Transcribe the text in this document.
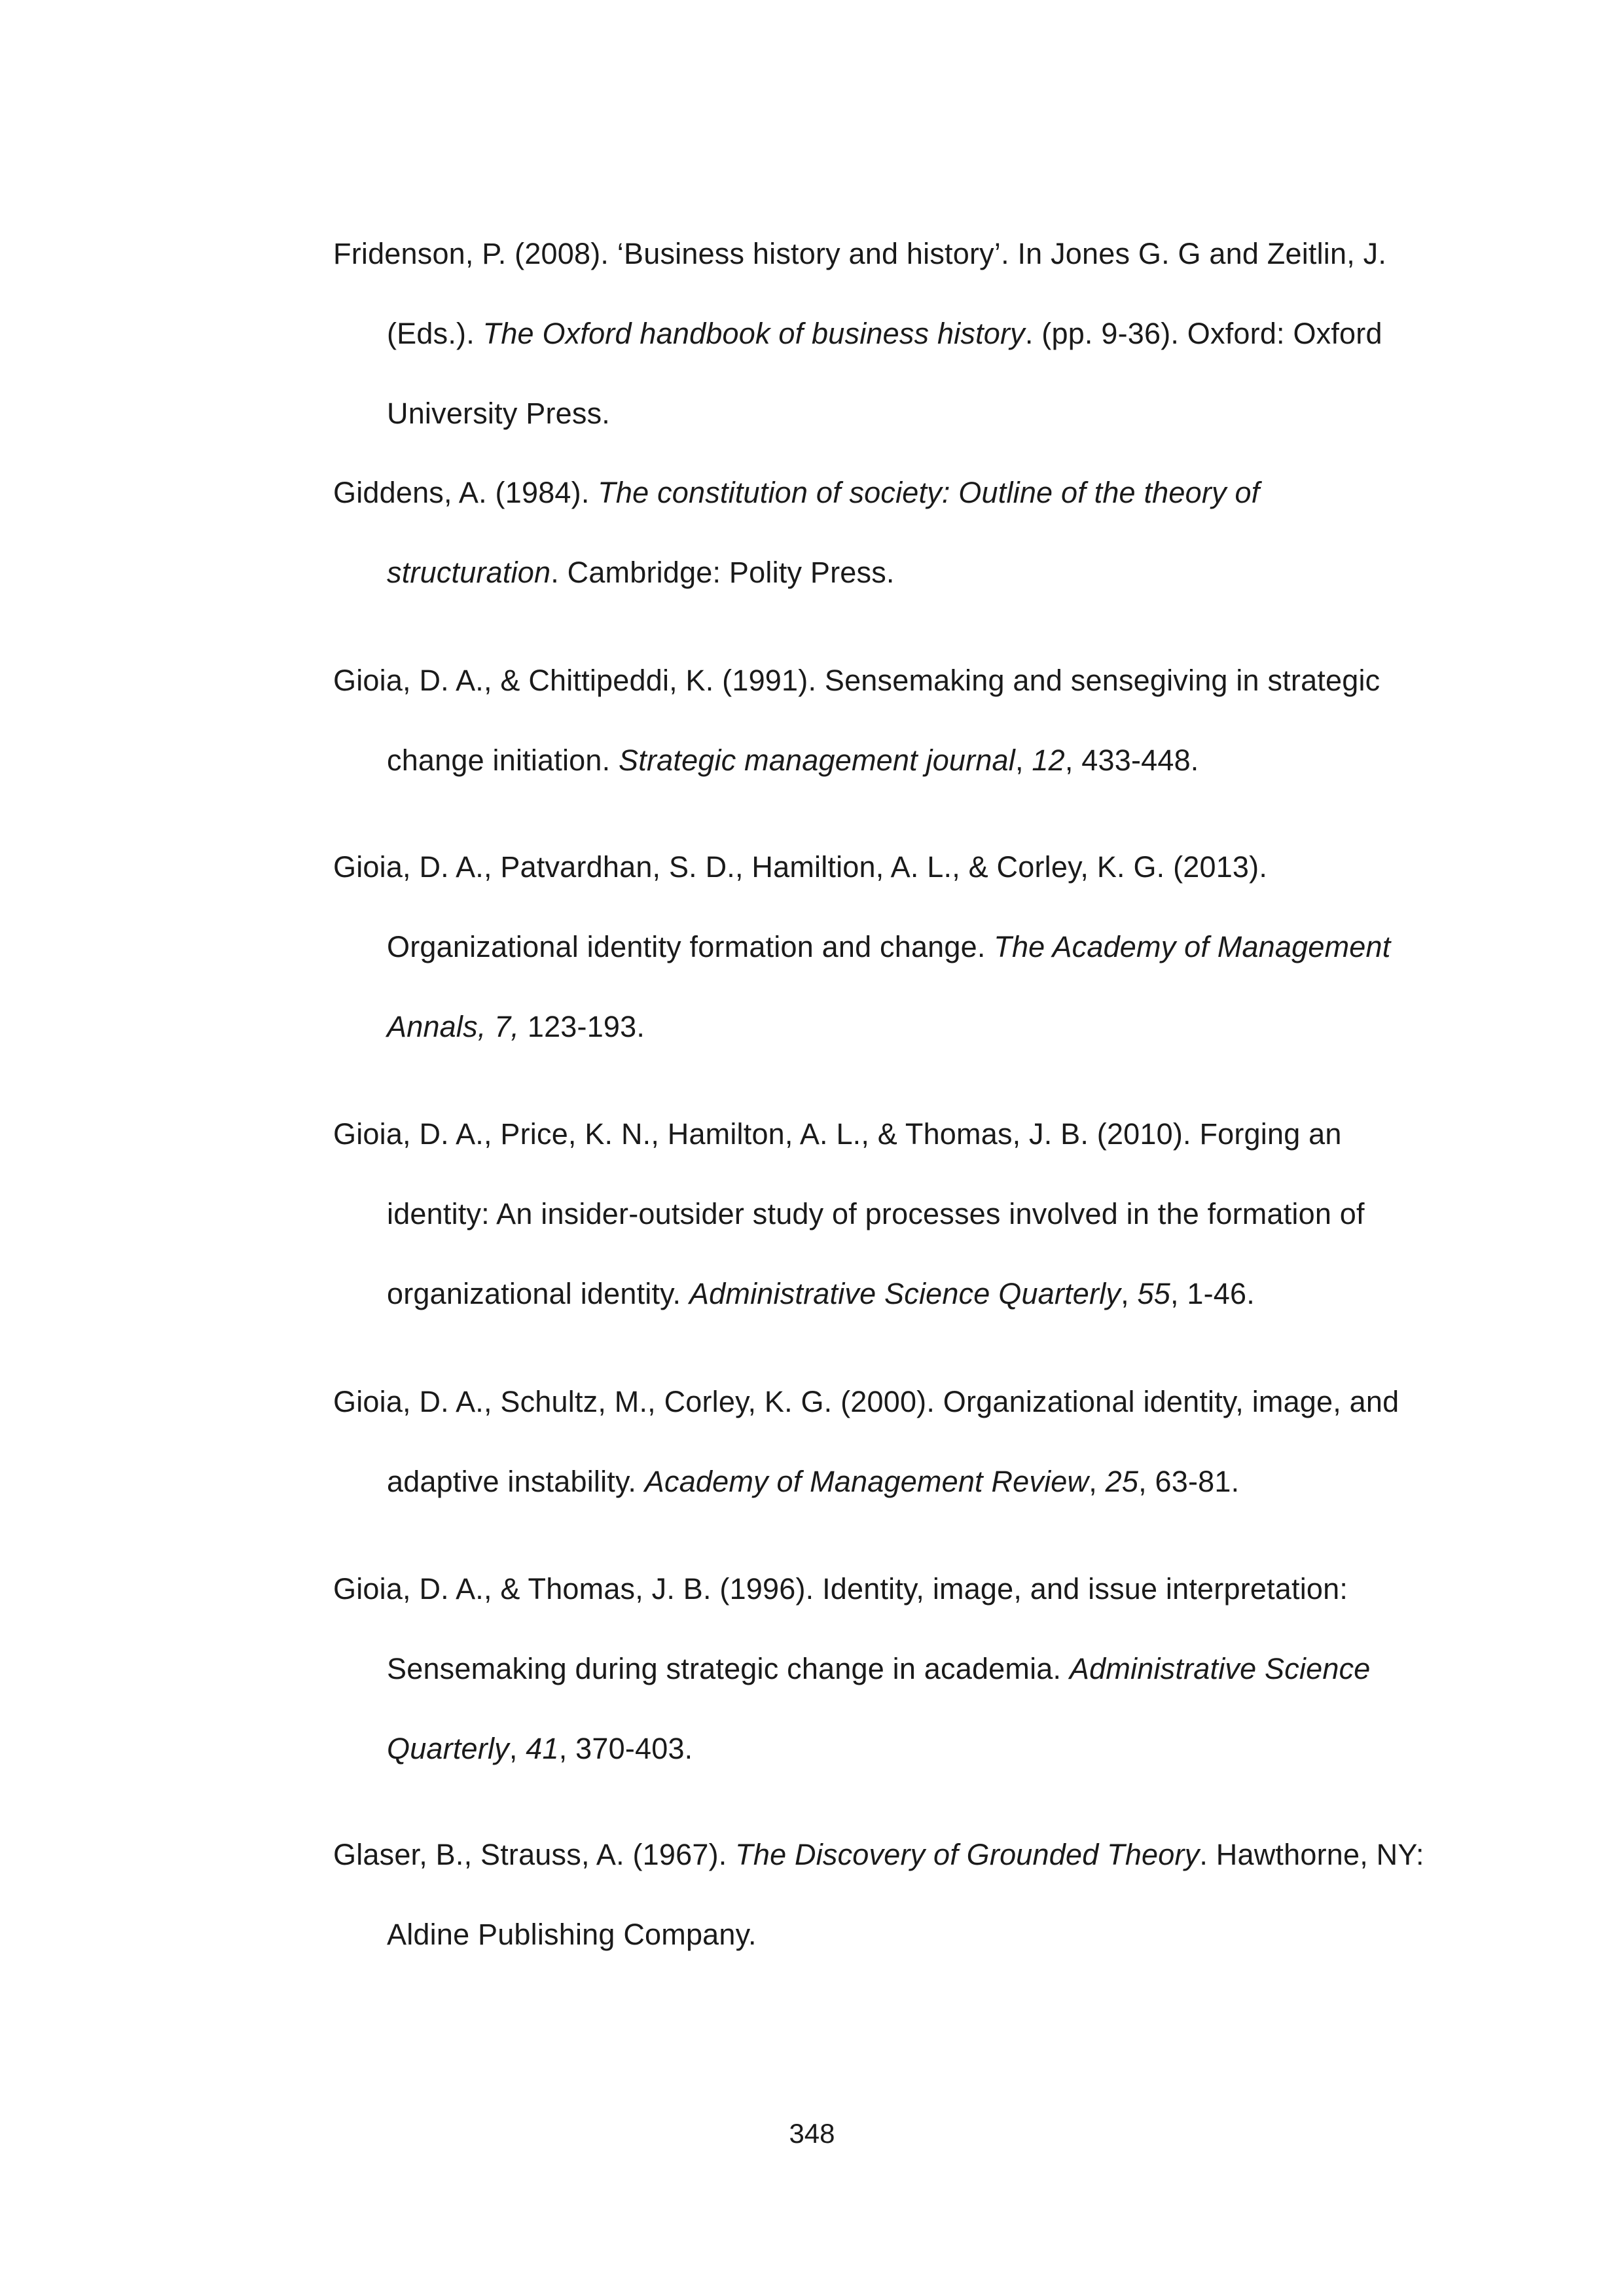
Fridenson, P. (2008). ‘Business history and history’. In Jones G. G and Zeitlin, J.
(Eds.). The Oxford handbook of business history. (pp. 9-36). Oxford: Oxford
University Press.
Giddens, A. (1984). The constitution of society: Outline of the theory of
structuration. Cambridge: Polity Press.
Gioia, D. A., & Chittipeddi, K. (1991). Sensemaking and sensegiving in strategic
change initiation. Strategic management journal, 12, 433-448.
Gioia, D. A., Patvardhan, S. D., Hamiltion, A. L., & Corley, K. G. (2013).
Organizational identity formation and change. The Academy of Management
Annals, 7, 123-193.
Gioia, D. A., Price, K. N., Hamilton, A. L., & Thomas, J. B. (2010). Forging an
identity: An insider-outsider study of processes involved in the formation of
organizational identity. Administrative Science Quarterly, 55, 1-46.
Gioia, D. A., Schultz, M., Corley, K. G. (2000). Organizational identity, image, and
adaptive instability. Academy of Management Review, 25, 63-81.
Gioia, D. A., & Thomas, J. B. (1996). Identity, image, and issue interpretation:
Sensemaking during strategic change in academia. Administrative Science
Quarterly, 41, 370-403.
Glaser, B., Strauss, A. (1967). The Discovery of Grounded Theory. Hawthorne, NY:
Aldine Publishing Company.
348
